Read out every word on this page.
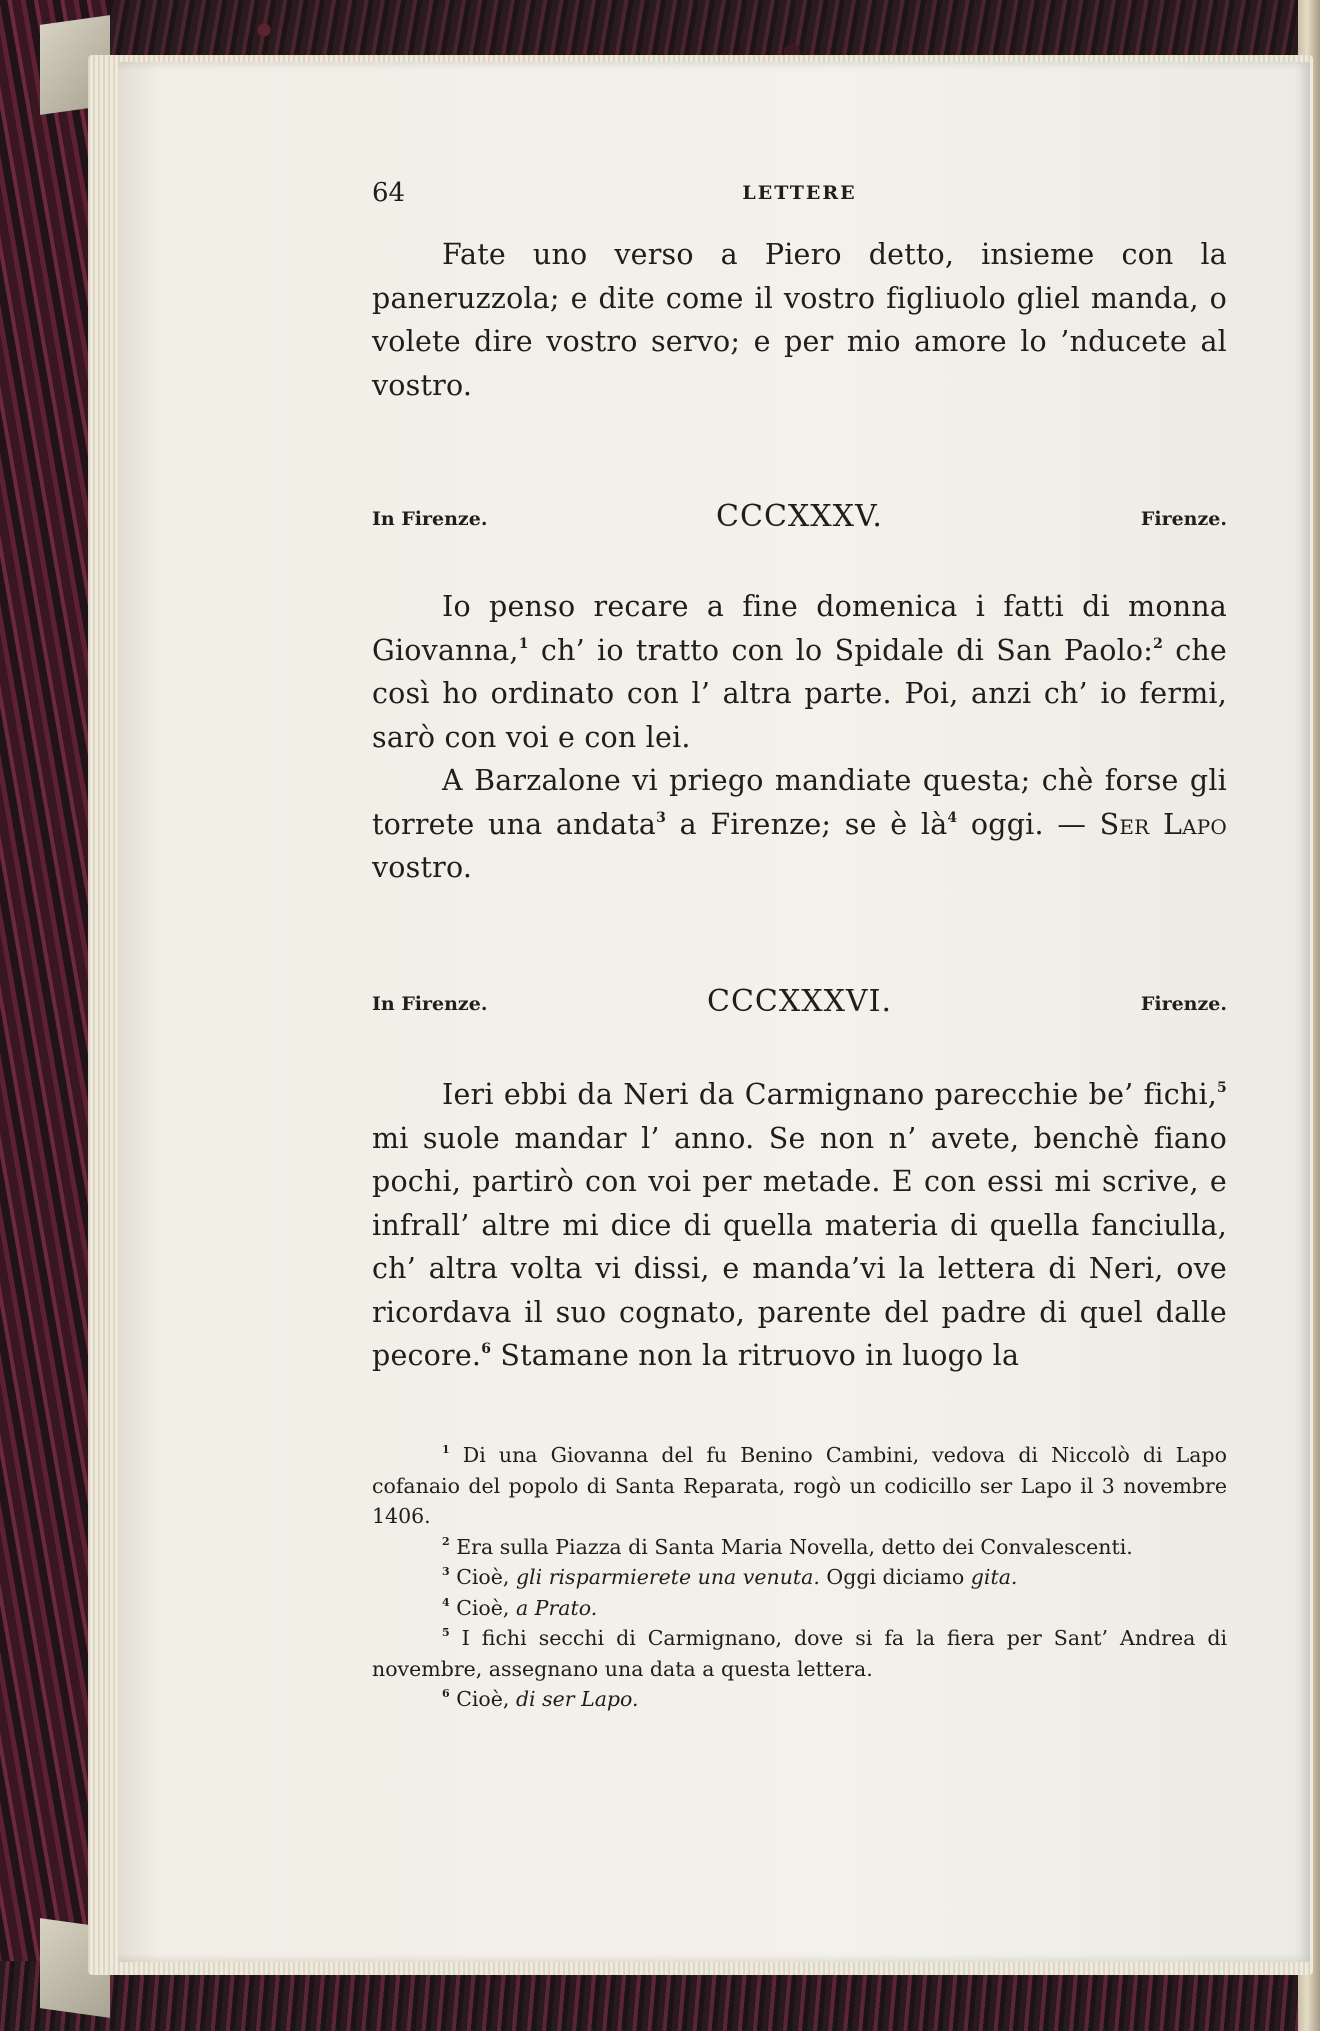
64	LETTERE

Fate uno verso a Piero detto, insieme con la paneruzzola; e dite come il vostro figliuolo gliel manda, o volete dire vostro servo; e per mio amore lo ’nducete al vostro.

In Firenze.	CCCXXXV.	Firenze.

Io penso recare a fine domenica i fatti di monna Giovanna,$^1$ ch’ io tratto con lo Spidale di San Paolo:$^2$ che così ho ordinato con l’ altra parte. Poi, anzi ch’ io fermi, sarò con voi e con lei.

A Barzalone vi priego mandiate questa; chè forse gli torrete una andata$^3$ a Firenze; se è là$^4$ oggi. — Ser Lapo vostro.

In Firenze.	CCCXXXVI.	Firenze.

Ieri ebbi da Neri da Carmignano parecchie be’ fichi,$^5$ mi suole mandar l’ anno. Se non n’ avete, benchè fiano pochi, partirò con voi per metade. E con essi mi scrive, e infrall’ altre mi dice di quella materia di quella fanciulla, ch’ altra volta vi dissi, e manda’vi la lettera di Neri, ove ricordava il suo cognato, parente del padre di quel dalle pecore.$^6$ Stamane non la ritruovo in luogo la

$^1$ Di una Giovanna del fu Benino Cambini, vedova di Niccolò di Lapo cofanaio del popolo di Santa Reparata, rogò un codicillo ser Lapo il 3 novembre 1406.

$^2$ Era sulla Piazza di Santa Maria Novella, detto dei Convalescenti.

$^3$ Cioè, gli risparmierete una venuta. Oggi diciamo gita.

$^4$ Cioè, a Prato.

$^5$ I fichi secchi di Carmignano, dove si fa la fiera per Sant’ Andrea di novembre, assegnano una data a questa lettera.

$^6$ Cioè, di ser Lapo.
